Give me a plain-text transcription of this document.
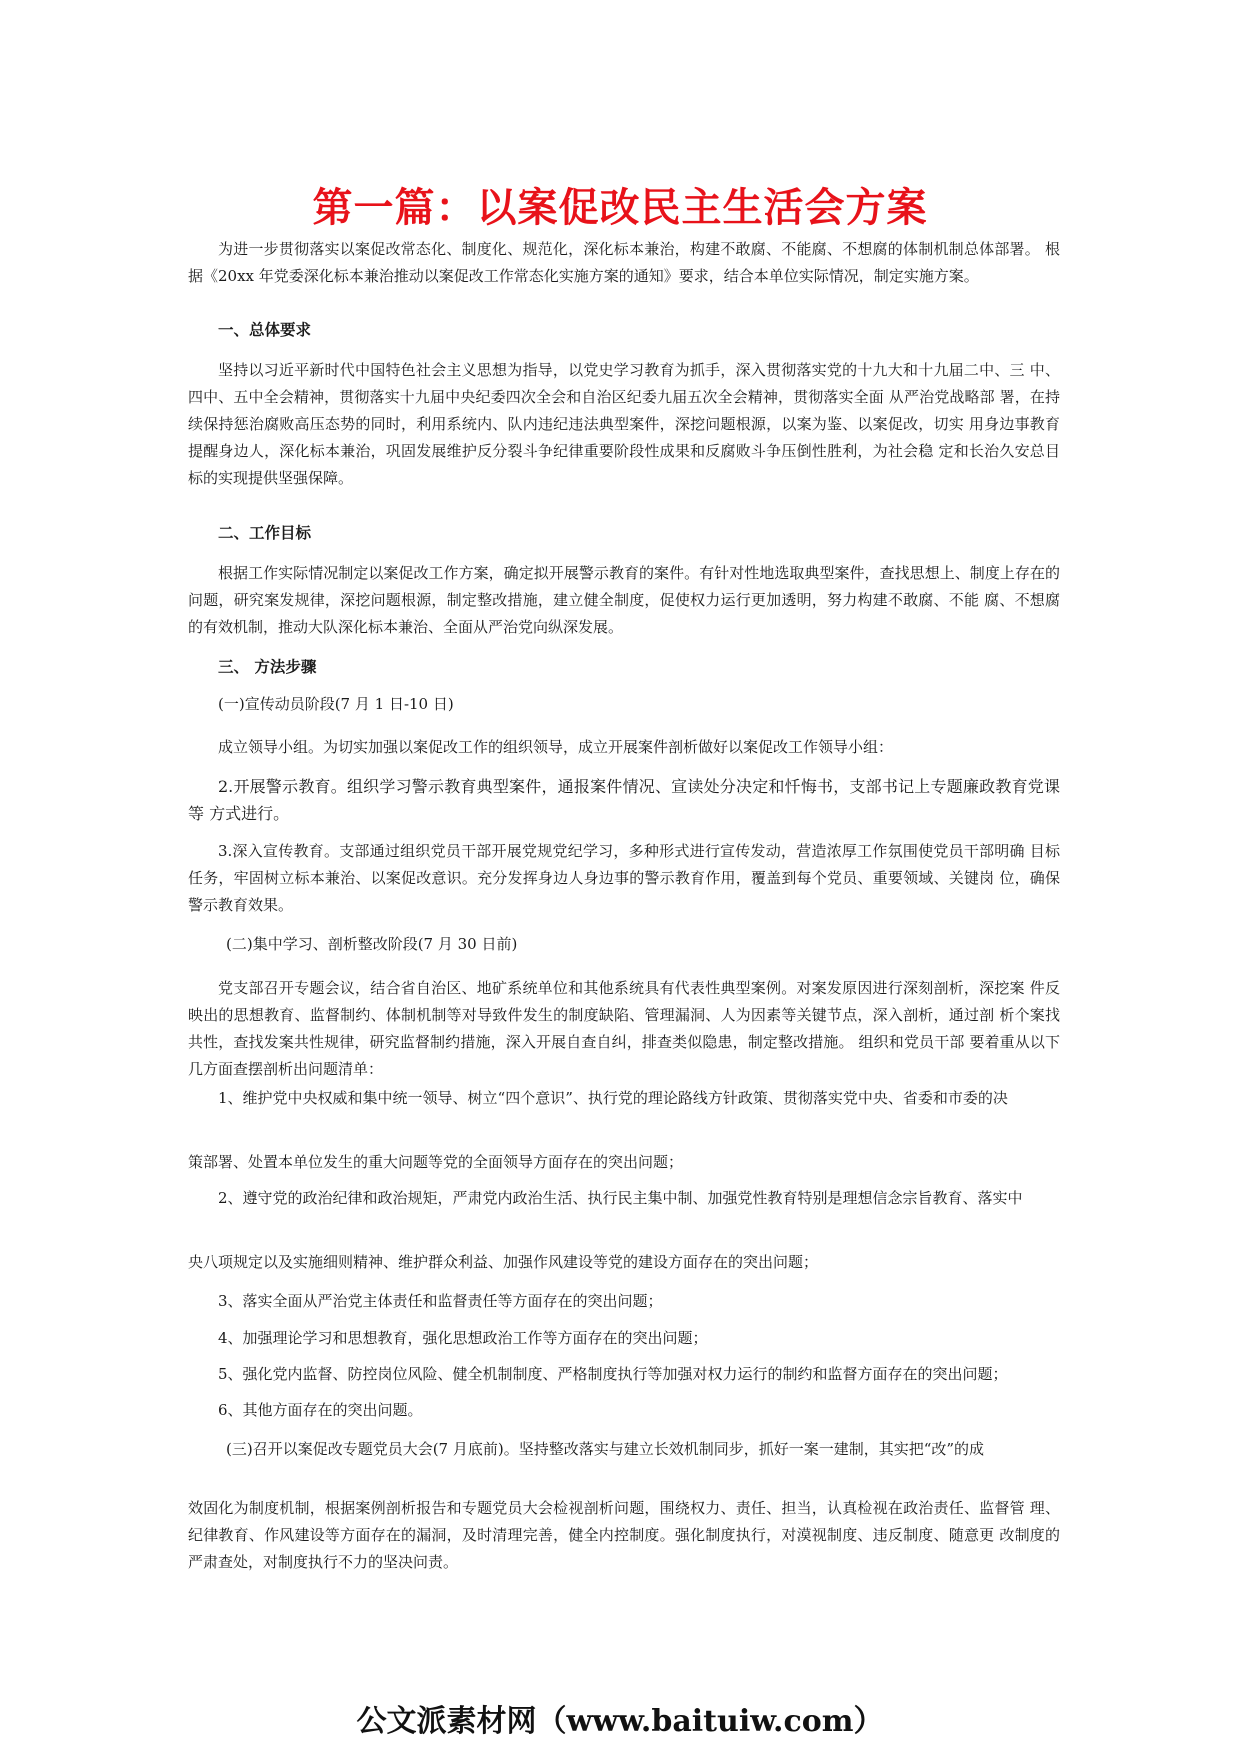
第一篇：以案促改民主生活会方案

为进一步贯彻落实以案促改常态化、制度化、规范化，深化标本兼治，构建不敢腐、不能腐、不想腐的体制机制总体部署。 根据《20xx 年党委深化标本兼治推动以案促改工作常态化实施方案的通知》要求，结合本单位实际情况，制定实施方案。

一、总体要求

坚持以习近平新时代中国特色社会主义思想为指导，以党史学习教育为抓手，深入贯彻落实党的十九大和十九届二中、三 中、四中、五中全会精神，贯彻落实十九届中央纪委四次全会和自治区纪委九届五次全会精神，贯彻落实全面 从严治党战略部 署，在持续保持惩治腐败高压态势的同时，利用系统内、队内违纪违法典型案件，深挖问题根源，以案为鉴、以案促改，切实 用身边事教育提醒身边人，深化标本兼治，巩固发展维护反分裂斗争纪律重要阶段性成果和反腐败斗争压倒性胜利，为社会稳 定和长治久安总目标的实现提供坚强保障。

二、工作目标

根据工作实际情况制定以案促改工作方案，确定拟开展警示教育的案件。有针对性地选取典型案件，查找思想上、制度上存在的问题，研究案发规律，深挖问题根源，制定整改措施，建立健全制度，促使权力运行更加透明，努力构建不敢腐、不能 腐、不想腐的有效机制，推动大队深化标本兼治、全面从严治党向纵深发展。

三、 方法步骤

(一)宣传动员阶段(7 月 1 日-10 日)

成立领导小组。为切实加强以案促改工作的组织领导，成立开展案件剖析做好以案促改工作领导小组：

2.开展警示教育。组织学习警示教育典型案件，通报案件情况、宣读处分决定和忏悔书，支部书记上专题廉政教育党课等 方式进行。

3.深入宣传教育。支部通过组织党员干部开展党规党纪学习，多种形式进行宣传发动，营造浓厚工作氛围使党员干部明确 目标任务，牢固树立标本兼治、以案促改意识。充分发挥身边人身边事的警示教育作用，覆盖到每个党员、重要领域、关键岗 位，确保警示教育效果。

(二)集中学习、剖析整改阶段(7 月 30 日前)

党支部召开专题会议，结合省自治区、地矿系统单位和其他系统具有代表性典型案例。对案发原因进行深刻剖析，深挖案 件反映出的思想教育、监督制约、体制机制等对导致件发生的制度缺陷、管理漏洞、人为因素等关键节点，深入剖析，通过剖 析个案找共性，查找发案共性规律，研究监督制约措施，深入开展自查自纠，排查类似隐患，制定整改措施。 组织和党员干部 要着重从以下几方面查摆剖析出问题清单：

1、维护党中央权威和集中统一领导、树立“四个意识”、执行党的理论路线方针政策、贯彻落实党中央、省委和市委的决

策部署、处置本单位发生的重大问题等党的全面领导方面存在的突出问题；

2、遵守党的政治纪律和政治规矩，严肃党内政治生活、执行民主集中制、加强党性教育特别是理想信念宗旨教育、落实中

央八项规定以及实施细则精神、维护群众利益、加强作风建设等党的建设方面存在的突出问题；

3、落实全面从严治党主体责任和监督责任等方面存在的突出问题；

4、加强理论学习和思想教育，强化思想政治工作等方面存在的突出问题；

5、强化党内监督、防控岗位风险、健全机制制度、严格制度执行等加强对权力运行的制约和监督方面存在的突出问题；

6、其他方面存在的突出问题。

(三)召开以案促改专题党员大会(7 月底前)。坚持整改落实与建立长效机制同步，抓好一案一建制，其实把“改”的成

效固化为制度机制，根据案例剖析报告和专题党员大会检视剖析问题，围绕权力、责任、担当，认真检视在政治责任、监督管 理、纪律教育、作风建设等方面存在的漏洞，及时清理完善，健全内控制度。强化制度执行，对漠视制度、违反制度、随意更 改制度的严肃查处，对制度执行不力的坚决问责。

公文派素材网（www.baituiw.com）
